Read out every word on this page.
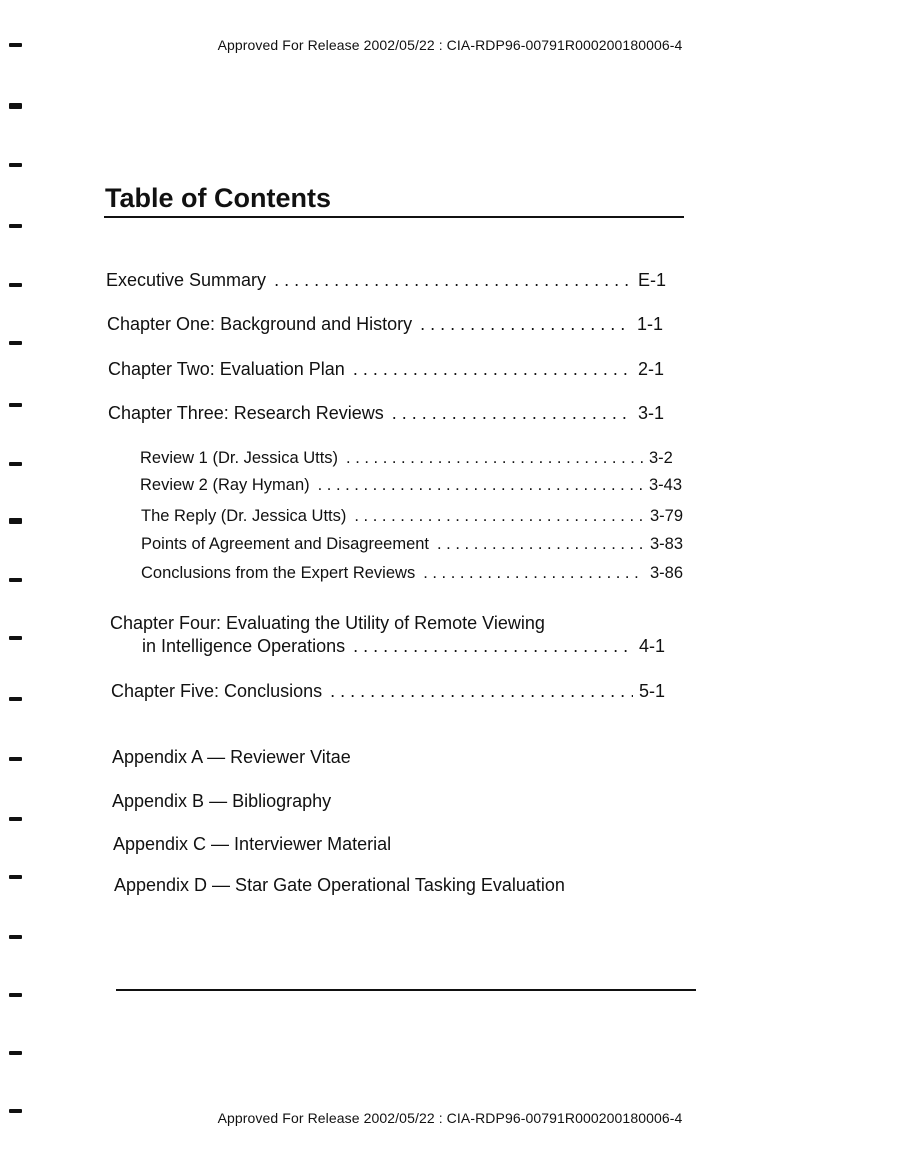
Approved For Release 2002/05/22 : CIA-RDP96-00791R000200180006-4
Table of Contents
Executive Summary . . .	E-1
Chapter One: Background and History . . .	1-1
Chapter Two: Evaluation Plan . . .	2-1
Chapter Three: Research Reviews . . .	3-1
Review 1 (Dr. Jessica Utts) . . .	3-2
Review 2 (Ray Hyman) . . .	3-43
The Reply (Dr. Jessica Utts) . . .	3-79
Points of Agreement and Disagreement . . .	3-83
Conclusions from the Expert Reviews . . .	3-86
Chapter Four: Evaluating the Utility of Remote Viewing
in Intelligence Operations . . .	4-1
Chapter Five: Conclusions . . .	5-1
Appendix A — Reviewer Vitae
Appendix B — Bibliography
Appendix C — Interviewer Material
Appendix D — Star Gate Operational Tasking Evaluation
Approved For Release 2002/05/22 : CIA-RDP96-00791R000200180006-4
